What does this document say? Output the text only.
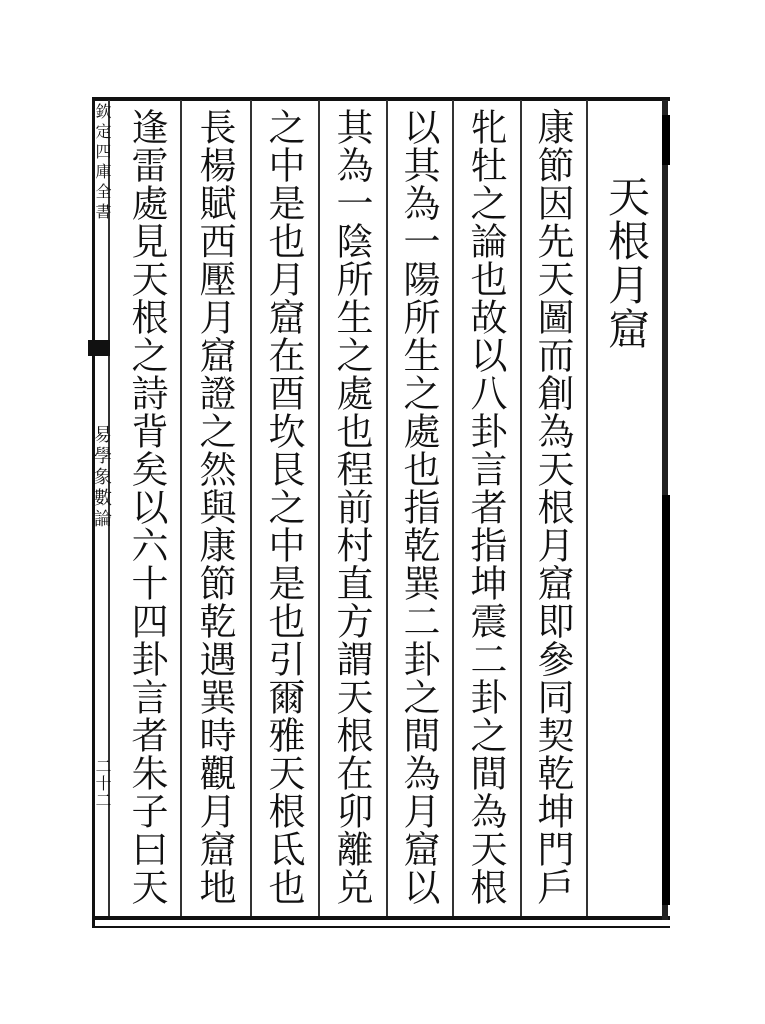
欽定四庫全書
易學象數論
二十二
天根月窟
康節因先天圖而創為天根月窟即參同契乾坤門戶
牝牡之論也故以八卦言者指坤震二卦之間為天根
以其為一陽所生之處也指乾巽二卦之間為月窟以
其為一陰所生之處也程前村直方謂天根在卯離兑
之中是也月窟在酉坎艮之中是也引爾雅天根氐也
長楊賦西壓月窟證之然與康節乾遇巽時觀月窟地
逢雷處見天根之詩背矣以六十四卦言者朱子曰天
